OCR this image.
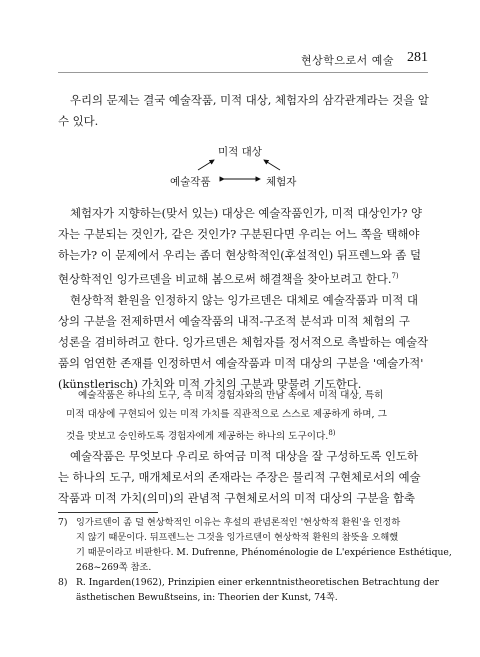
현상학으로서 예술 281
우리의 문제는 결국 예술작품, 미적 대상, 체험자의 삼각관계라는 것을 알
수 있다.
미적 대상
예술작품	체험자
체험자가 지향하는(맞서 있는) 대상은 예술작품인가, 미적 대상인가? 양
자는 구분되는 것인가, 같은 것인가? 구분된다면 우리는 어느 쪽을 택해야
하는가? 이 문제에서 우리는 좀더 현상학적인(후설적인) 뒤프렌느와 좀 덜
현상학적인 잉가르덴을 비교해 봄으로써 해결책을 찾아보려고 한다.$^{7)}$
현상학적 환원을 인정하지 않는 잉가르덴은 대체로 예술작품과 미적 대
상의 구분을 전제하면서 예술작품의 내적-구조적 분석과 미적 체험의 구
성론을 겸비하려고 한다. 잉가르덴은 체험자를 정서적으로 촉발하는 예술작
품의 엄연한 존재를 인정하면서 예술작품과 미적 대상의 구분을 '예술가적'
(künstlerisch) 가치와 미적 가치의 구분과 맞물려 기도한다.
예술작품은 하나의 도구, 즉 미적 경험자와의 만남 속에서 미적 대상, 특히
미적 대상에 구현되어 있는 미적 가치를 직관적으로 스스로 제공하게 하며, 그
것을 맛보고 승인하도록 경험자에게 제공하는 하나의 도구이다.$^{8)}$
예술작품은 무엇보다 우리로 하여금 미적 대상을 잘 구성하도록 인도하
는 하나의 도구, 매개체로서의 존재라는 주장은 물리적 구현체로서의 예술
작품과 미적 가치(의미)의 관념적 구현체로서의 미적 대상의 구분을 함축
7) 잉가르덴이 좀 덜 현상학적인 이유는 후설의 관념론적인 '현상학적 환원'을 인정하
지 않기 때문이다. 뒤프렌느는 그것을 잉가르덴이 현상학적 환원의 참뜻을 오해했
기 때문이라고 비판한다. M. Dufrenne, Phénoménologie de L'expérience Esthétique,
268~269쪽 참조.
8) R. Ingarden(1962), Prinzipien einer erkenntnistheoretischen Betrachtung der
ästhetischen Bewußtseins, in: Theorien der Kunst, 74쪽.
